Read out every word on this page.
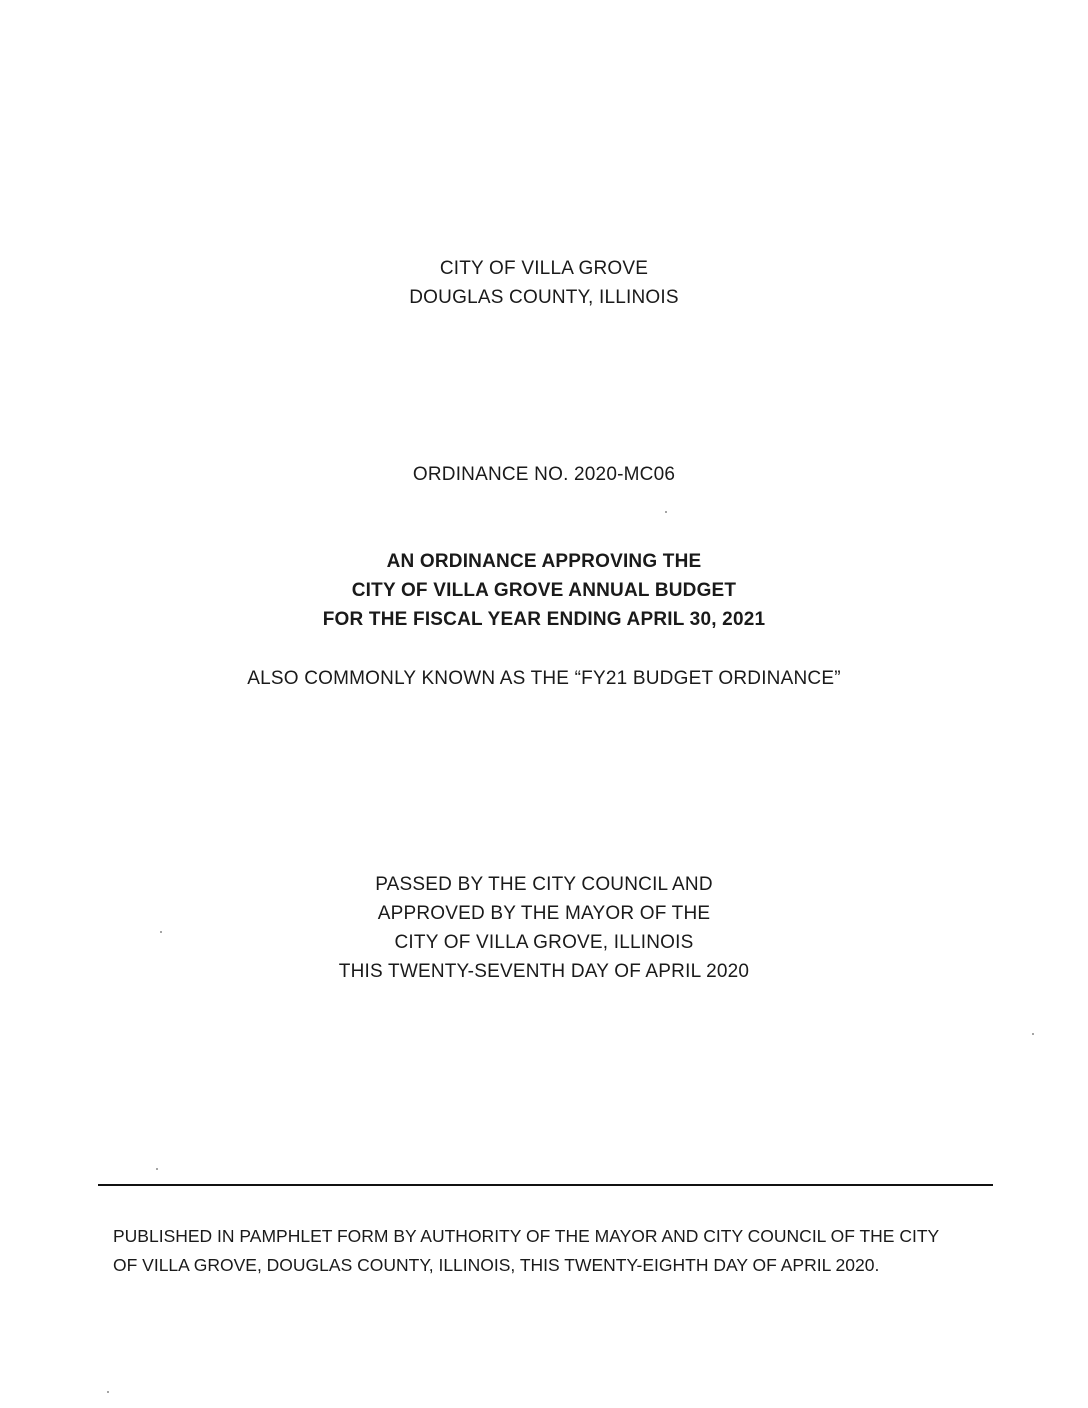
CITY OF VILLA GROVE
DOUGLAS COUNTY, ILLINOIS
ORDINANCE NO. 2020-MC06
AN ORDINANCE APPROVING THE
CITY OF VILLA GROVE ANNUAL BUDGET
FOR THE FISCAL YEAR ENDING APRIL 30, 2021
ALSO COMMONLY KNOWN AS THE “FY21 BUDGET ORDINANCE”
PASSED BY THE CITY COUNCIL AND
APPROVED BY THE MAYOR OF THE
CITY OF VILLA GROVE, ILLINOIS
THIS TWENTY-SEVENTH DAY OF APRIL 2020
PUBLISHED IN PAMPHLET FORM BY AUTHORITY OF THE MAYOR AND CITY COUNCIL OF THE CITY
OF VILLA GROVE, DOUGLAS COUNTY, ILLINOIS, THIS TWENTY-EIGHTH DAY OF APRIL 2020.
